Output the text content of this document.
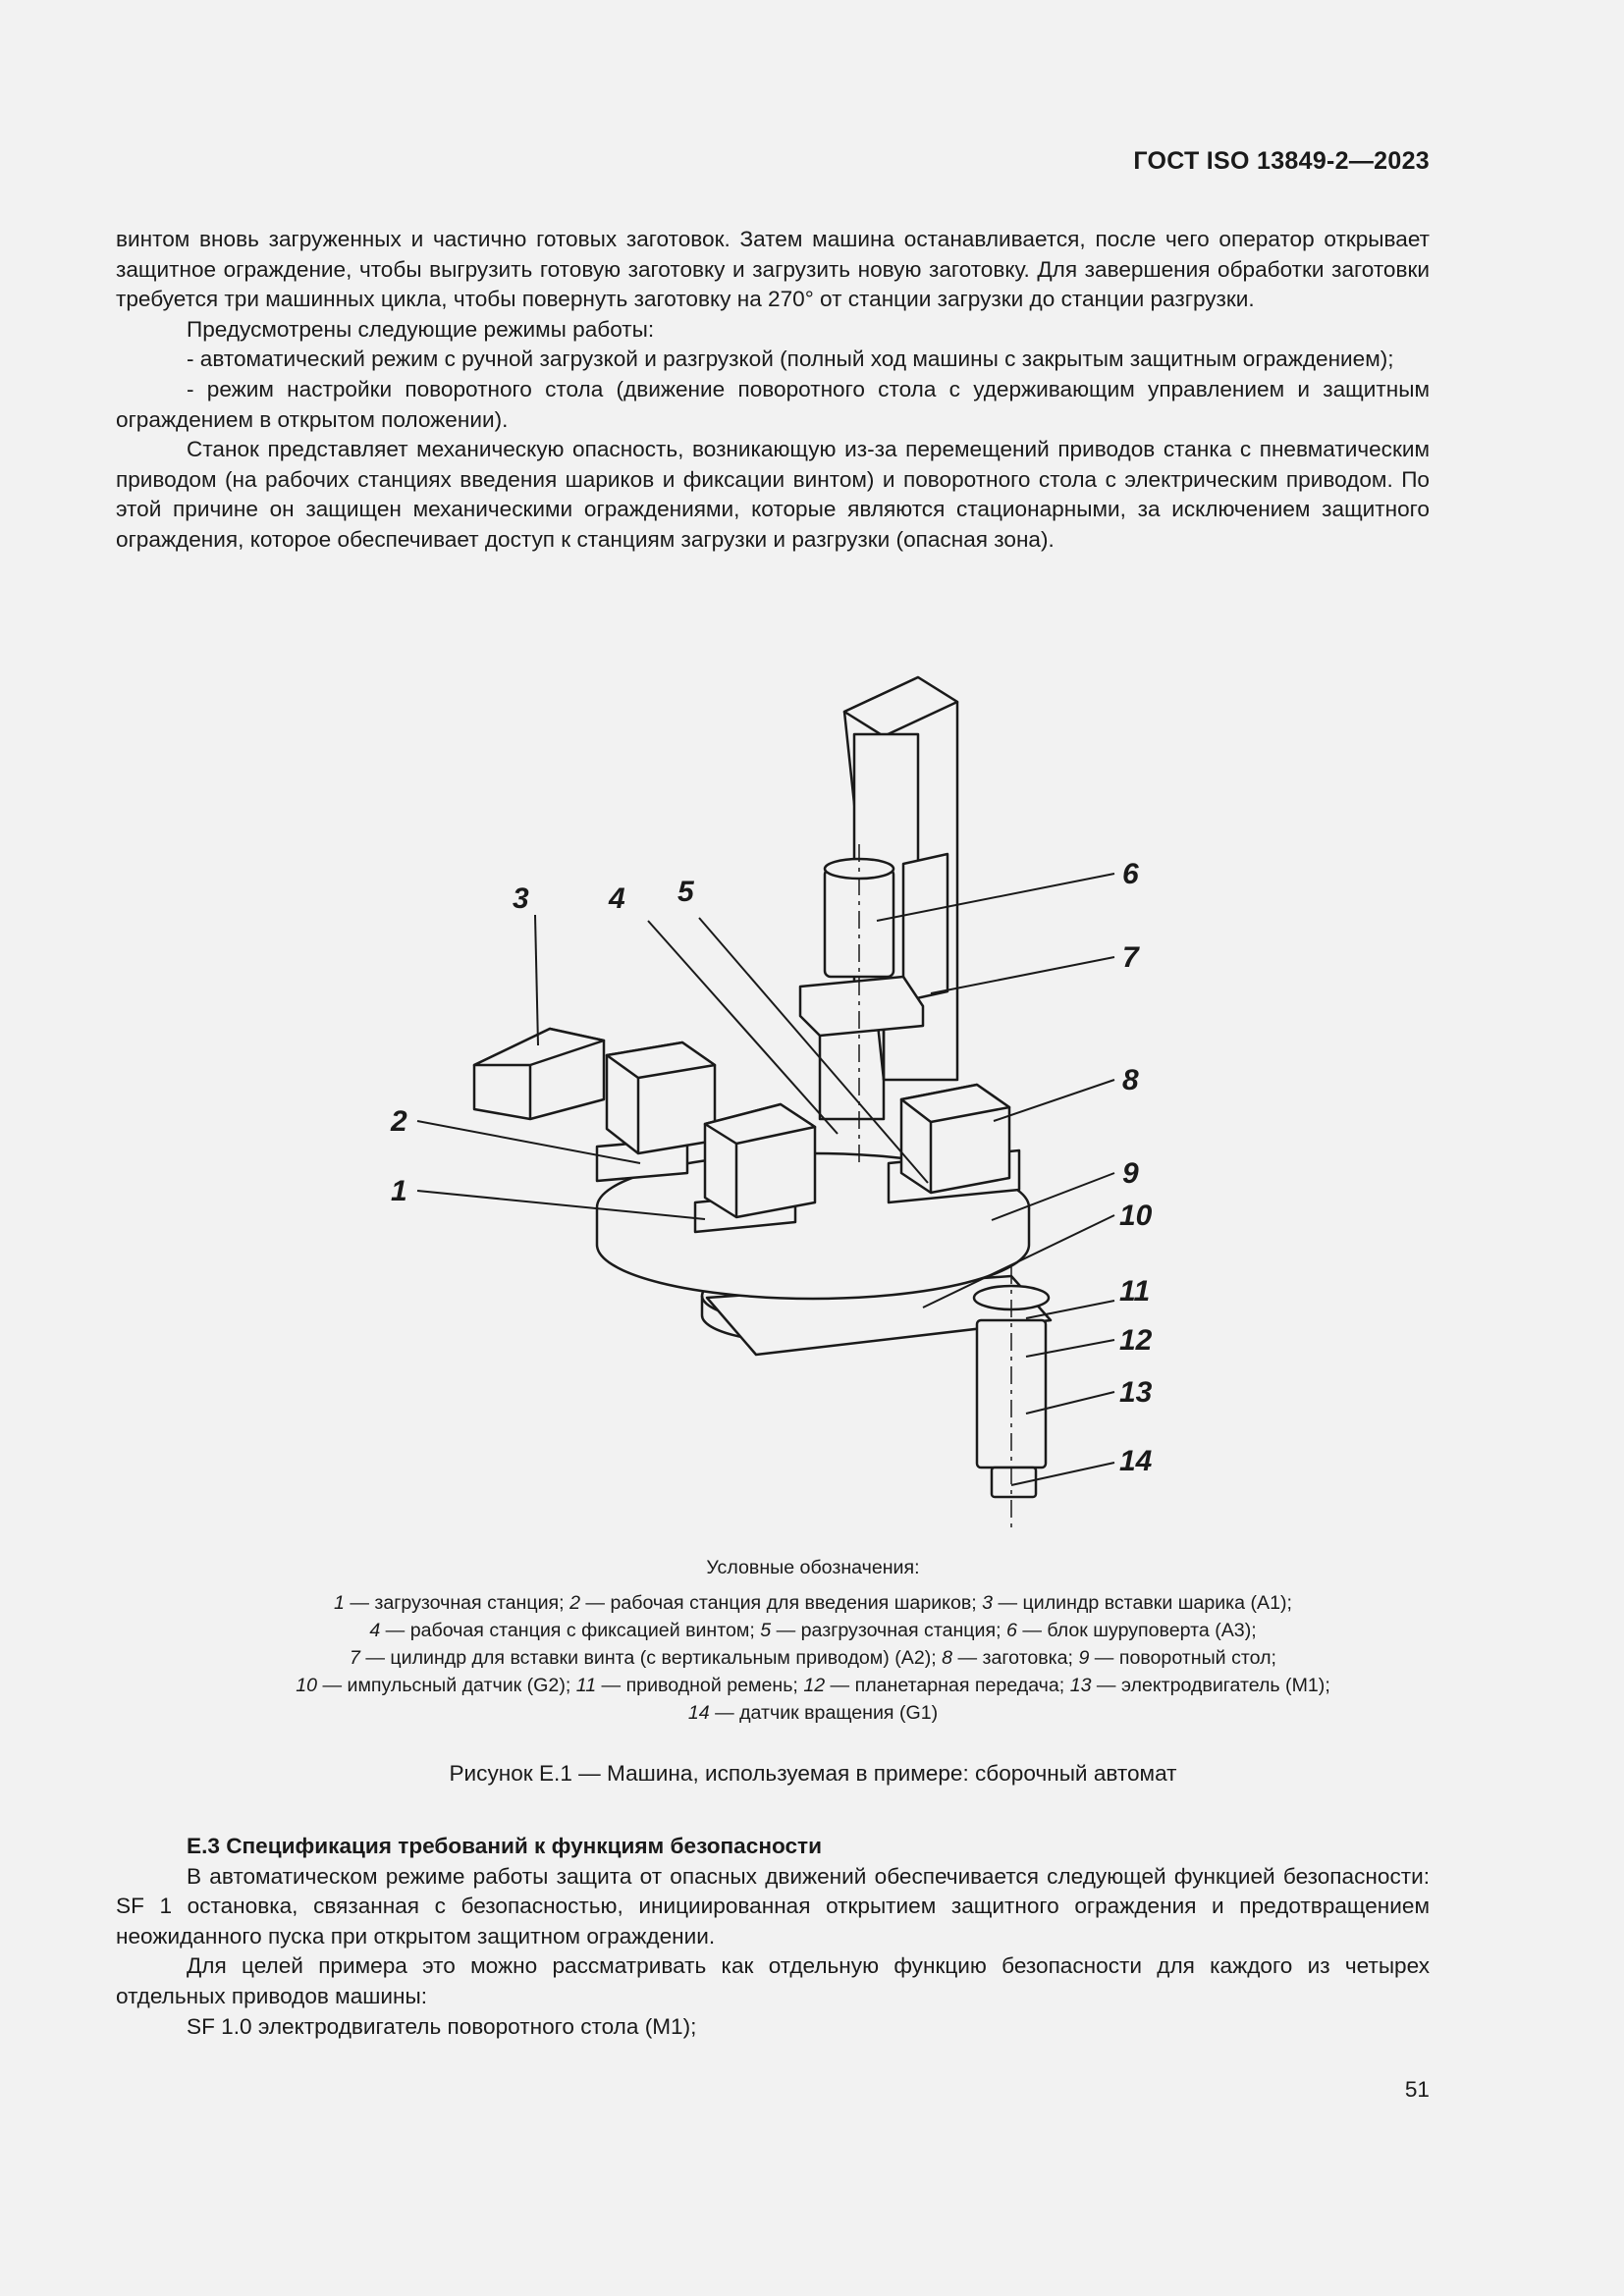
ГОСТ ISO 13849-2—2023

винтом вновь загруженных и частично готовых заготовок. Затем машина останавливается, после чего оператор открывает защитное ограждение, чтобы выгрузить готовую заготовку и загрузить новую заготовку. Для завершения обработки заготовки требуется три машинных цикла, чтобы повернуть заготовку на 270° от станции загрузки до станции разгрузки.

Предусмотрены следующие режимы работы:

- автоматический режим с ручной загрузкой и разгрузкой (полный ход машины с закрытым защитным ограждением);

- режим настройки поворотного стола (движение поворотного стола с удерживающим управлением и защитным ограждением в открытом положении).

Станок представляет механическую опасность, возникающую из-за перемещений приводов станка с пневматическим приводом (на рабочих станциях введения шариков и фиксации винтом) и поворотного стола с электрическим приводом. По этой причине он защищен механическими ограждениями, которые являются стационарными, за исключением защитного ограждения, которое обеспечивает доступ к станциям загрузки и разгрузки (опасная зона).

3	4 5
6
7
8
2
1
9
10
11
12
13
14

Условные обозначения:

1 — загрузочная станция; 2 — рабочая станция для введения шариков; 3 — цилиндр вставки шарика (A1);

4 — рабочая станция с фиксацией винтом; 5 — разгрузочная станция; 6 — блок шуруповерта (A3);

7 — цилиндр для вставки винта (с вертикальным приводом) (A2); 8 — заготовка; 9 — поворотный стол;

10 — импульсный датчик (G2); 11 — приводной ремень; 12 — планетарная передача; 13 — электродвигатель (M1);

14 — датчик вращения (G1)

Рисунок E.1 — Машина, используемая в примере: сборочный автомат

E.3 Спецификация требований к функциям безопасности

В автоматическом режиме работы защита от опасных движений обеспечивается следующей функцией безопасности: SF 1 остановка, связанная с безопасностью, инициированная открытием защитного ограждения и предотвращением неожиданного пуска при открытом защитном ограждении.

Для целей примера это можно рассматривать как отдельную функцию безопасности для каждого из четырех отдельных приводов машины:

SF 1.0 электродвигатель поворотного стола (M1);

51
